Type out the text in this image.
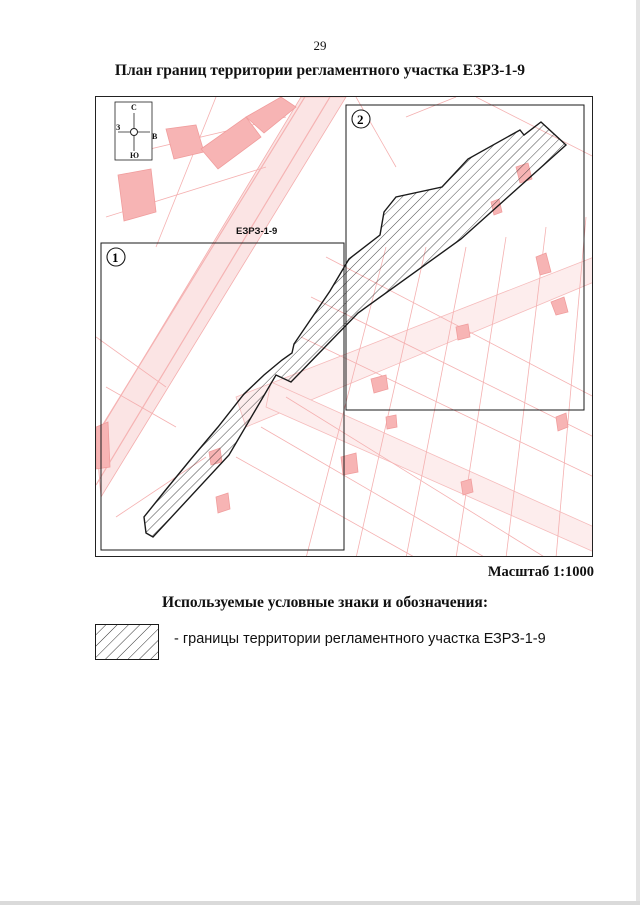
29
План границ территории регламентного участка ЕЗРЗ-1-9
С
Ю
В
З
1
2
ЕЗРЗ-1-9
Масштаб 1:1000
Используемые условные знаки и обозначения:
- границы территории регламентного участка ЕЗРЗ-1-9
